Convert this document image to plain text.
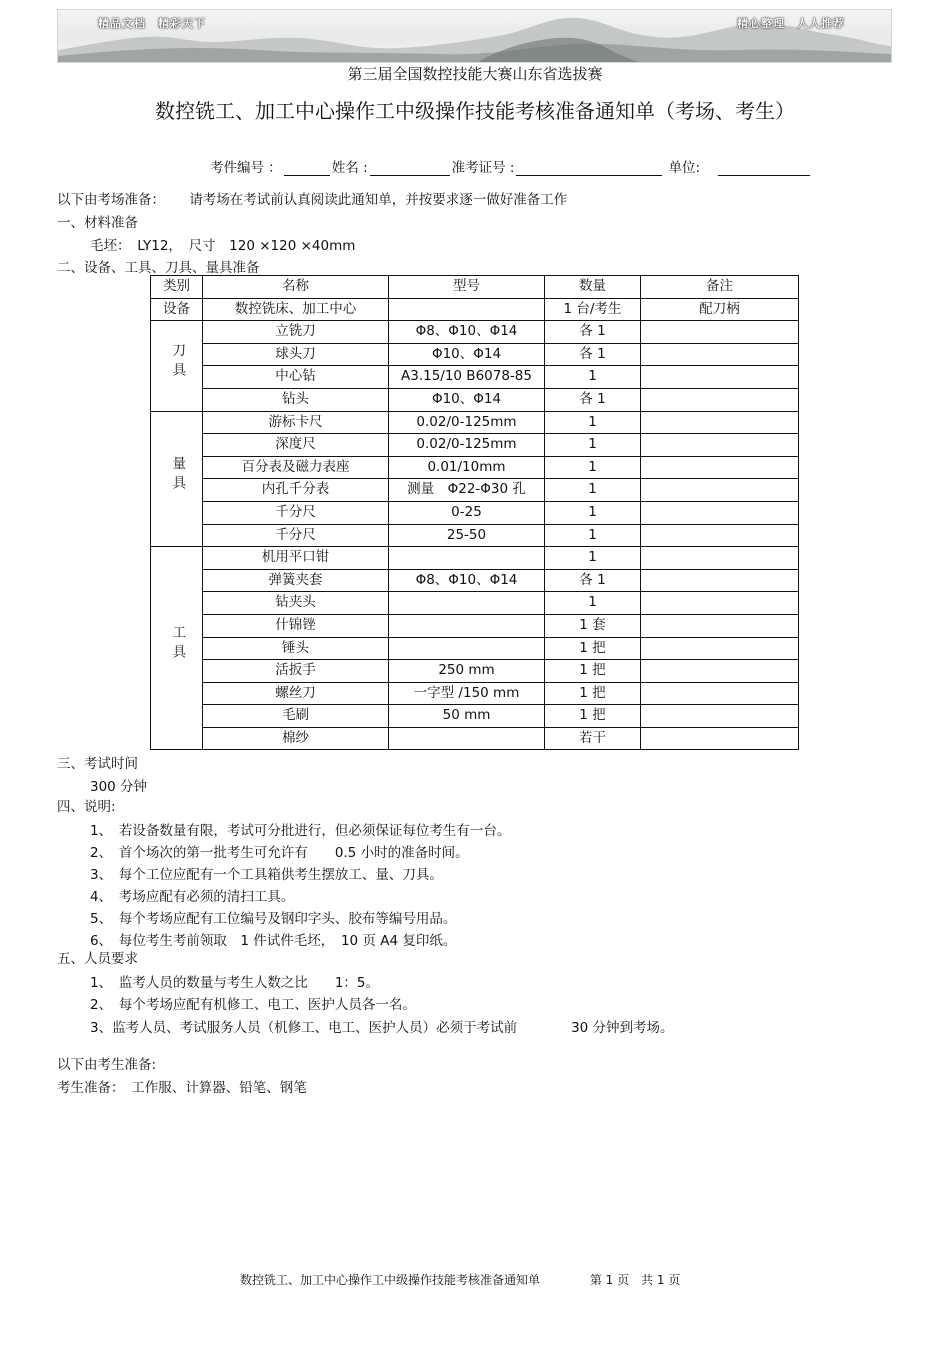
精品文档　精彩天下	精心整理　人人推荐
第三届全国数控技能大赛山东省选拔赛
数控铣工、加工中心操作工中级操作技能考核准备通知单（考场、考生）
考件编号 ：	姓名 :	准考证号 :	单位:
以下由考场准备： 请考场在考试前认真阅读此通知单，并按要求逐一做好准备工作
一、材料准备
毛坯：　LY12，　尺寸　120 ×120 ×40mm
二、设备、工具、刀具、量具准备
类别	名称	型号	数量	备注
设备	数控铣床、加工中心		1 台/考生	配刀柄
刀具	立铣刀	Φ8、Φ10、Φ14	各 1	
	球头刀	Φ10、Φ14	各 1	
	中心钻	A3.15/10 B6078-85	1	
	钻头	Φ10、Φ14	各 1	
量具	游标卡尺	0.02/0-125mm	1	
	深度尺	0.02/0-125mm	1	
	百分表及磁力表座	0.01/10mm	1	
	内孔千分表	测量　Φ22-Φ30 孔	1	
	千分尺	0-25	1	
	千分尺	25-50	1	
工具	机用平口钳		1	
	弹簧夹套	Φ8、Φ10、Φ14	各 1	
	钻夹头		1	
	什锦锉		1 套	
	锤头		1 把	
	活扳手	250 mm	1 把	
	螺丝刀	一字型 /150 mm	1 把	
	毛刷	50 mm	1 把	
	棉纱		若干	
三、考试时间
300 分钟
四、说明:
1、　若设备数量有限，考试可分批进行，但必须保证每位考生有一台。
2、　首个场次的第一批考生可允许有　　0.5 小时的准备时间。
3、　每个工位应配有一个工具箱供考生摆放工、量、刀具。
4、　考场应配有必须的清扫工具。
5、　每个考场应配有工位编号及钢印字头、胶布等编号用品。
6、　每位考生考前领取　1 件试件毛坯，　10 页 A4 复印纸。
五、人员要求
1、　监考人员的数量与考生人数之比　　1：5。
2、　每个考场应配有机修工、电工、医护人员各一名。
3、监考人员、考试服务人员（机修工、电工、医护人员）必须于考试前　　　　30 分钟到考场。
以下由考生准备:
考生准备：　工作服、计算器、铅笔、钢笔
数控铣工、加工中心操作工中级操作技能考核准备通知单	第 1 页　共 1 页
